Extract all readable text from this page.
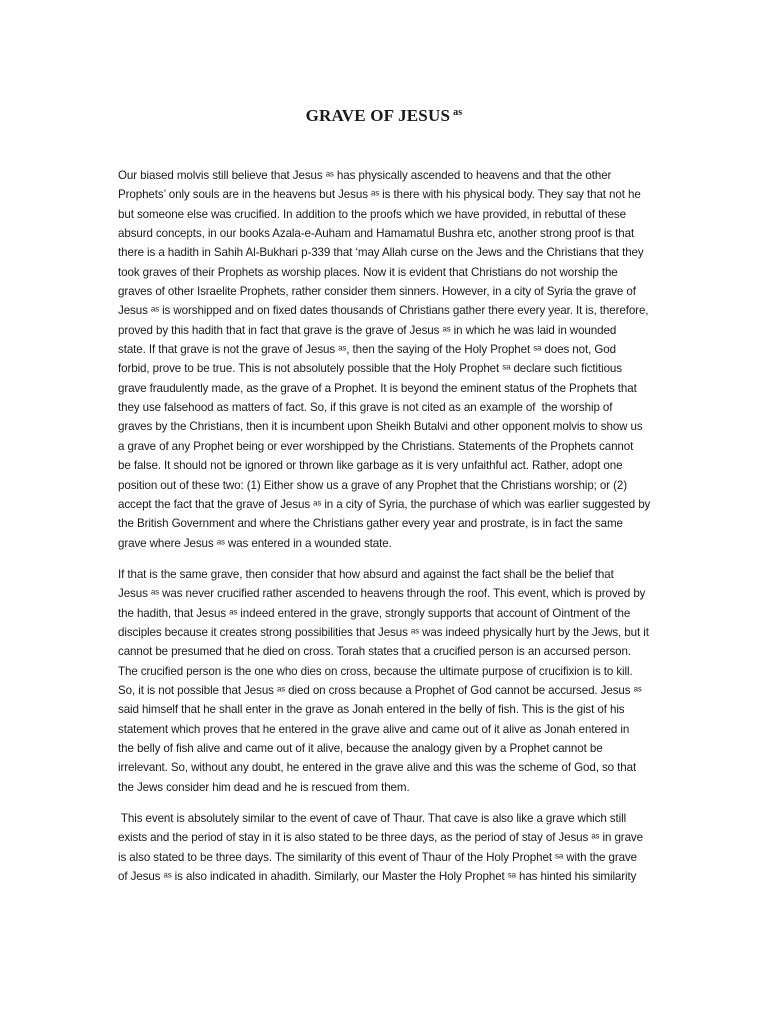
GRAVE OF JESUS $^{as}$

Our biased molvis still believe that Jesus ᵃˢ has physically ascended to heavens and that the other
Prophets’ only souls are in the heavens but Jesus ᵃˢ is there with his physical body. They say that not he
but someone else was crucified. In addition to the proofs which we have provided, in rebuttal of these
absurd concepts, in our books Azala-e-Auham and Hamamatul Bushra etc, another strong proof is that
there is a hadith in Sahih Al-Bukhari p-339 that ‘may Allah curse on the Jews and the Christians that they
took graves of their Prophets as worship places. Now it is evident that Christians do not worship the
graves of other Israelite Prophets, rather consider them sinners. However, in a city of Syria the grave of
Jesus ᵃˢ is worshipped and on fixed dates thousands of Christians gather there every year. It is, therefore,
proved by this hadith that in fact that grave is the grave of Jesus ᵃˢ in which he was laid in wounded
state. If that grave is not the grave of Jesus ᵃˢ, then the saying of the Holy Prophet ˢᵃ does not, God
forbid, prove to be true. This is not absolutely possible that the Holy Prophet ˢᵃ declare such fictitious
grave fraudulently made, as the grave of a Prophet. It is beyond the eminent status of the Prophets that
they use falsehood as matters of fact. So, if this grave is not cited as an example of  the worship of
graves by the Christians, then it is incumbent upon Sheikh Butalvi and other opponent molvis to show us
a grave of any Prophet being or ever worshipped by the Christians. Statements of the Prophets cannot
be false. It should not be ignored or thrown like garbage as it is very unfaithful act. Rather, adopt one
position out of these two: (1) Either show us a grave of any Prophet that the Christians worship; or (2)
accept the fact that the grave of Jesus ᵃˢ in a city of Syria, the purchase of which was earlier suggested by
the British Government and where the Christians gather every year and prostrate, is in fact the same
grave where Jesus ᵃˢ was entered in a wounded state.

If that is the same grave, then consider that how absurd and against the fact shall be the belief that
Jesus ᵃˢ was never crucified rather ascended to heavens through the roof. This event, which is proved by
the hadith, that Jesus ᵃˢ indeed entered in the grave, strongly supports that account of Ointment of the
disciples because it creates strong possibilities that Jesus ᵃˢ was indeed physically hurt by the Jews, but it
cannot be presumed that he died on cross. Torah states that a crucified person is an accursed person.
The crucified person is the one who dies on cross, because the ultimate purpose of crucifixion is to kill.
So, it is not possible that Jesus ᵃˢ died on cross because a Prophet of God cannot be accursed. Jesus ᵃˢ
said himself that he shall enter in the grave as Jonah entered in the belly of fish. This is the gist of his
statement which proves that he entered in the grave alive and came out of it alive as Jonah entered in
the belly of fish alive and came out of it alive, because the analogy given by a Prophet cannot be
irrelevant. So, without any doubt, he entered in the grave alive and this was the scheme of God, so that
the Jews consider him dead and he is rescued from them.

This event is absolutely similar to the event of cave of Thaur. That cave is also like a grave which still
exists and the period of stay in it is also stated to be three days, as the period of stay of Jesus ᵃˢ in grave
is also stated to be three days. The similarity of this event of Thaur of the Holy Prophet ˢᵃ with the grave
of Jesus ᵃˢ is also indicated in ahadith. Similarly, our Master the Holy Prophet ˢᵃ has hinted his similarity
